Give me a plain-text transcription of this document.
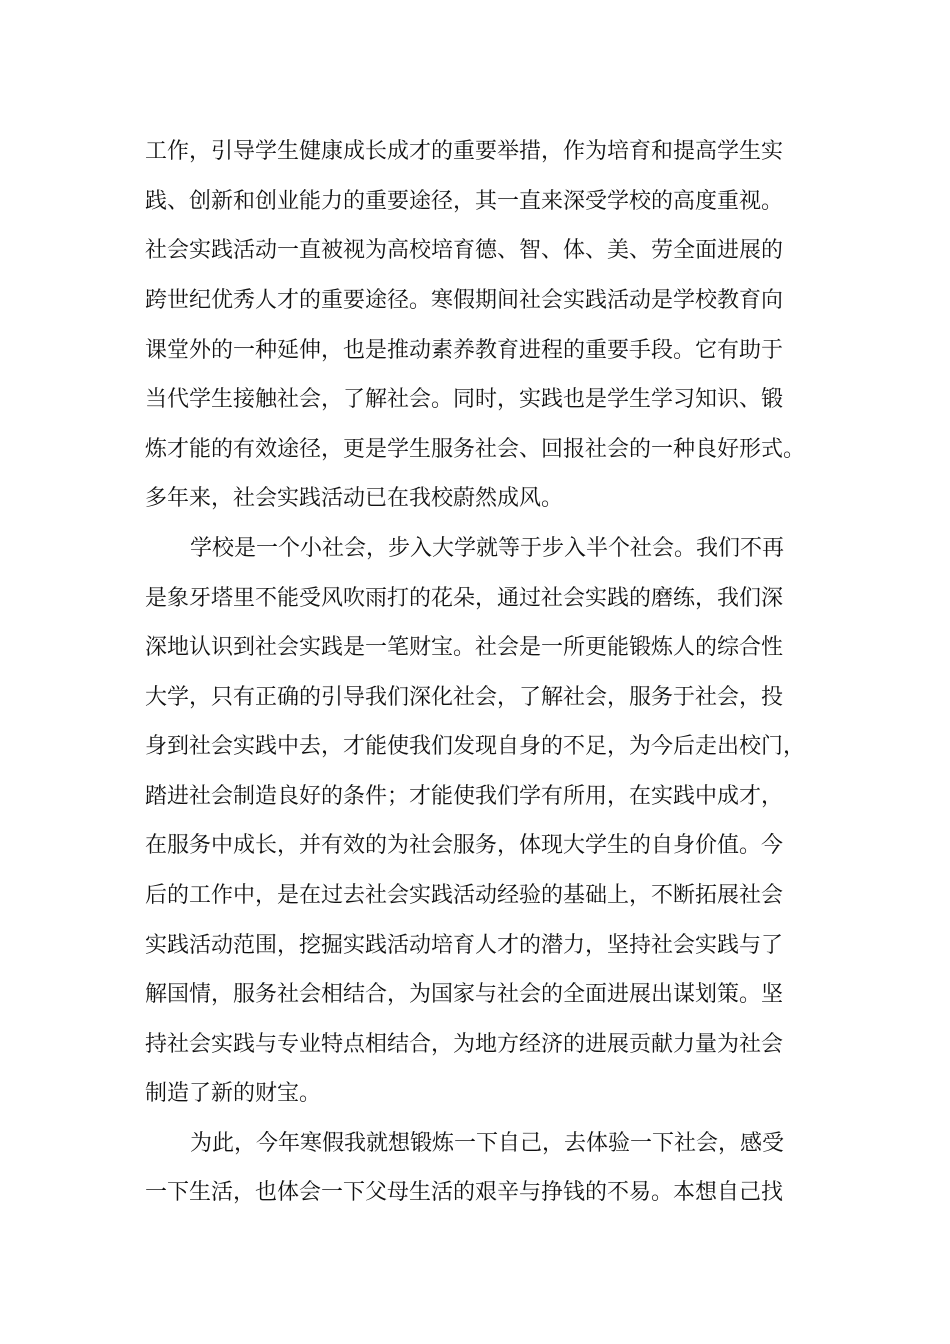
工作，引导学生健康成长成才的重要举措，作为培育和提高学生实
践、创新和创业能力的重要途径，其一直来深受学校的高度重视。
社会实践活动一直被视为高校培育德、智、体、美、劳全面进展的
跨世纪优秀人才的重要途径。寒假期间社会实践活动是学校教育向
课堂外的一种延伸，也是推动素养教育进程的重要手段。它有助于
当代学生接触社会，了解社会。同时，实践也是学生学习知识、锻
炼才能的有效途径，更是学生服务社会、回报社会的一种良好形式。
多年来，社会实践活动已在我校蔚然成风。
学校是一个小社会，步入大学就等于步入半个社会。我们不再
是象牙塔里不能受风吹雨打的花朵，通过社会实践的磨练，我们深
深地认识到社会实践是一笔财宝。社会是一所更能锻炼人的综合性
大学，只有正确的引导我们深化社会，了解社会，服务于社会，投
身到社会实践中去，才能使我们发现自身的不足，为今后走出校门，
踏进社会制造良好的条件；才能使我们学有所用，在实践中成才，
在服务中成长，并有效的为社会服务，体现大学生的自身价值。今
后的工作中，是在过去社会实践活动经验的基础上，不断拓展社会
实践活动范围，挖掘实践活动培育人才的潜力，坚持社会实践与了
解国情，服务社会相结合，为国家与社会的全面进展出谋划策。坚
持社会实践与专业特点相结合，为地方经济的进展贡献力量为社会
制造了新的财宝。
为此，今年寒假我就想锻炼一下自己，去体验一下社会，感受
一下生活，也体会一下父母生活的艰辛与挣钱的不易。本想自己找
